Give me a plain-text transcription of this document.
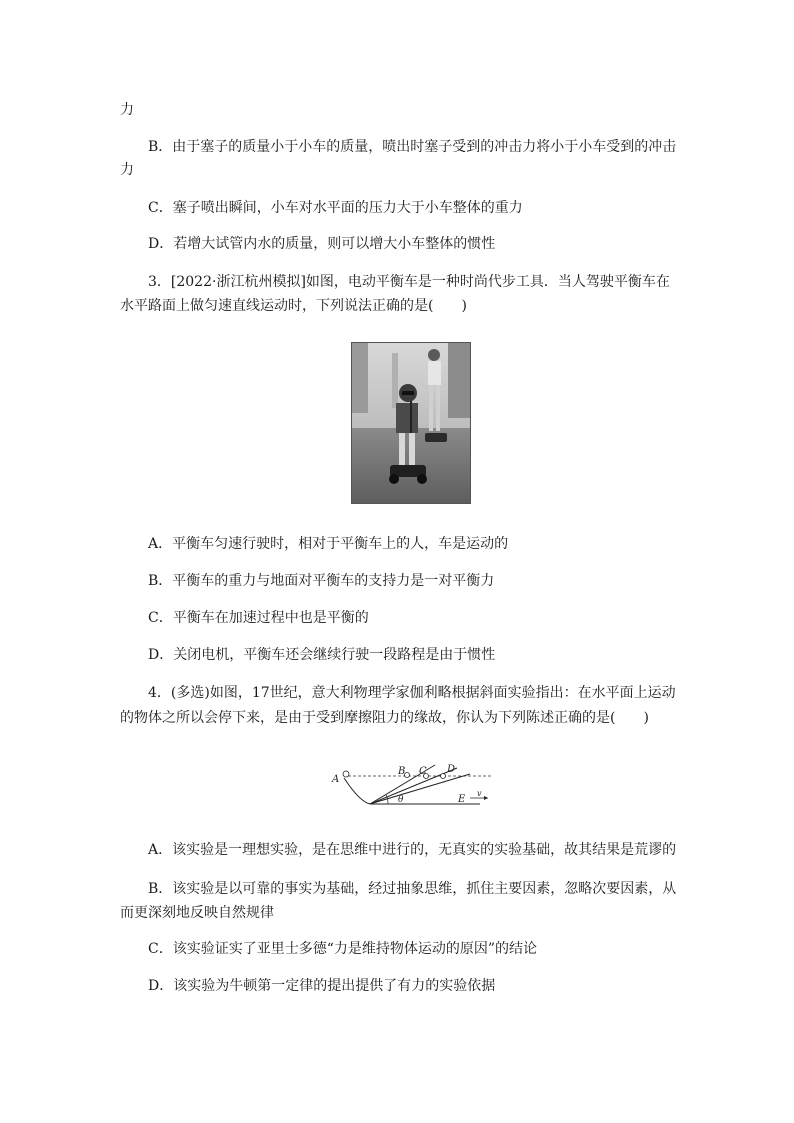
力
B．由于塞子的质量小于小车的质量，喷出时塞子受到的冲击力将小于小车受到的冲击
力
C．塞子喷出瞬间，小车对水平面的压力大于小车整体的重力
D．若增大试管内水的质量，则可以增大小车整体的惯性
3．[2022·浙江杭州模拟]如图，电动平衡车是一种时尚代步工具．当人驾驶平衡车在
水平路面上做匀速直线运动时，下列说法正确的是(　　)
A．平衡车匀速行驶时，相对于平衡车上的人，车是运动的
B．平衡车的重力与地面对平衡车的支持力是一对平衡力
C．平衡车在加速过程中也是平衡的
D．关闭电机，平衡车还会继续行驶一段路程是由于惯性
4．(多选)如图，17世纪，意大利物理学家伽利略根据斜面实验指出：在水平面上运动
的物体之所以会停下来，是由于受到摩擦阻力的缘故，你认为下列陈述正确的是(　　)
A
B C D
θ	E
v
A．该实验是一理想实验，是在思维中进行的，无真实的实验基础，故其结果是荒谬的
B．该实验是以可靠的事实为基础，经过抽象思维，抓住主要因素，忽略次要因素，从
而更深刻地反映自然规律
C．该实验证实了亚里士多德“力是维持物体运动的原因”的结论
D．该实验为牛顿第一定律的提出提供了有力的实验依据
